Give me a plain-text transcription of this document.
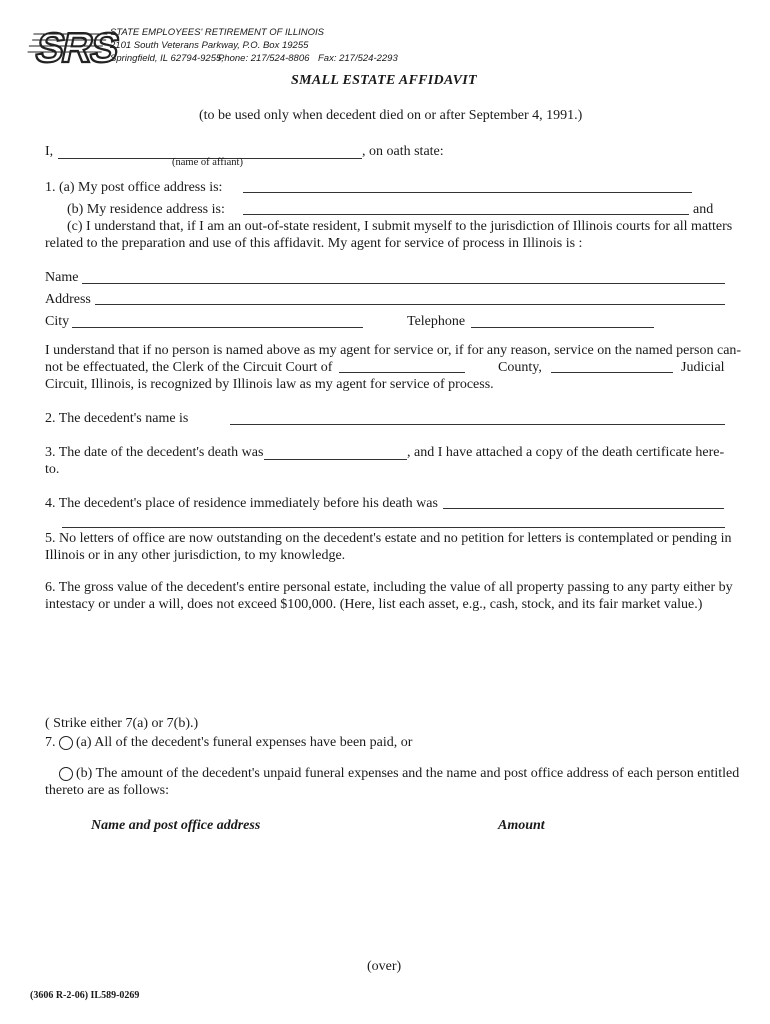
SRS
STATE EMPLOYEES' RETIREMENT OF ILLINOIS
2101 South Veterans Parkway, P.O. Box 19255
Springfield, IL 62794-9255,
Phone: 217/524-8806 Fax: 217/524-2293
SMALL ESTATE AFFIDAVIT
(to be used only when decedent died on or after September 4, 1991.)
I,	, on oath state:
(name of affiant)
1. (a) My post office address is:
(b) My residence address is:	and
(c) I understand that, if I am an out-of-state resident, I submit myself to the jurisdiction of Illinois courts for all matters
related to the preparation and use of this affidavit. My agent for service of process in Illinois is :
Name
Address
City	Telephone
I understand that if no person is named above as my agent for service or, if for any reason, service on the named person can-
not be effectuated, the Clerk of the Circuit Court of	County,	Judicial
Circuit, Illinois, is recognized by Illinois law as my agent for service of process.
2. The decedent's name is
3. The date of the decedent's death was	, and I have attached a copy of the death certificate here-
to.
4. The decedent's place of residence immediately before his death was
5. No letters of office are now outstanding on the decedent's estate and no petition for letters is contemplated or pending in
Illinois or in any other jurisdiction, to my knowledge.
6. The gross value of the decedent's entire personal estate, including the value of all property passing to any party either by
intestacy or under a will, does not exceed $100,000. (Here, list each asset, e.g., cash, stock, and its fair market value.)
( Strike either 7(a) or 7(b).)
7. (a) All of the decedent's funeral expenses have been paid, or
(b) The amount of the decedent's unpaid funeral expenses and the name and post office address of each person entitled
thereto are as follows:
Name and post office address	Amount
(over)
(3606 R-2-06) IL589-0269
